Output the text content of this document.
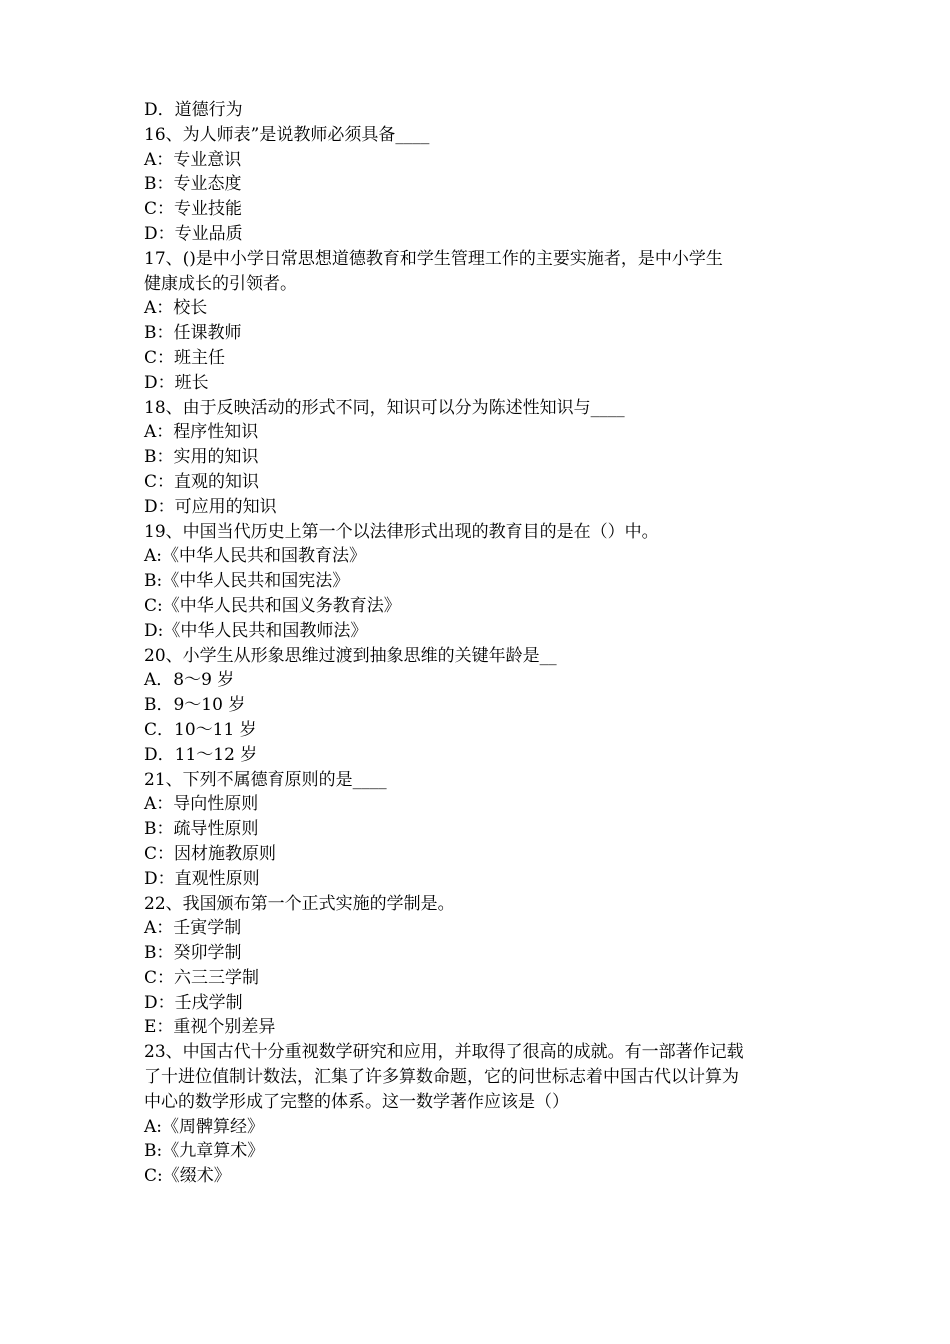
D．道德行为
16、为人师表”是说教师必须具备____
A：专业意识
B：专业态度
C：专业技能
D：专业品质
17、()是中小学日常思想道德教育和学生管理工作的主要实施者，是中小学生
健康成长的引领者。
A：校长
B：任课教师
C：班主任
D：班长
18、由于反映活动的形式不同，知识可以分为陈述性知识与____
A：程序性知识
B：实用的知识
C：直观的知识
D：可应用的知识
19、中国当代历史上第一个以法律形式出现的教育目的是在（）中。
A:《中华人民共和国教育法》
B:《中华人民共和国宪法》
C:《中华人民共和国义务教育法》
D:《中华人民共和国教师法》
20、小学生从形象思维过渡到抽象思维的关键年龄是__
A．8～9 岁
B．9～10 岁
C．10～11 岁
D．11～12 岁
21、下列不属德育原则的是____
A：导向性原则
B：疏导性原则
C：因材施教原则
D：直观性原则
22、我国颁布第一个正式实施的学制是。
A：壬寅学制
B：癸卯学制
C：六三三学制
D：壬戌学制
E：重视个别差异
23、中国古代十分重视数学研究和应用，并取得了很高的成就。有一部著作记载
了十进位值制计数法，汇集了许多算数命题，它的问世标志着中国古代以计算为
中心的数学形成了完整的体系。这一数学著作应该是（）
A:《周髀算经》
B:《九章算术》
C:《缀术》
